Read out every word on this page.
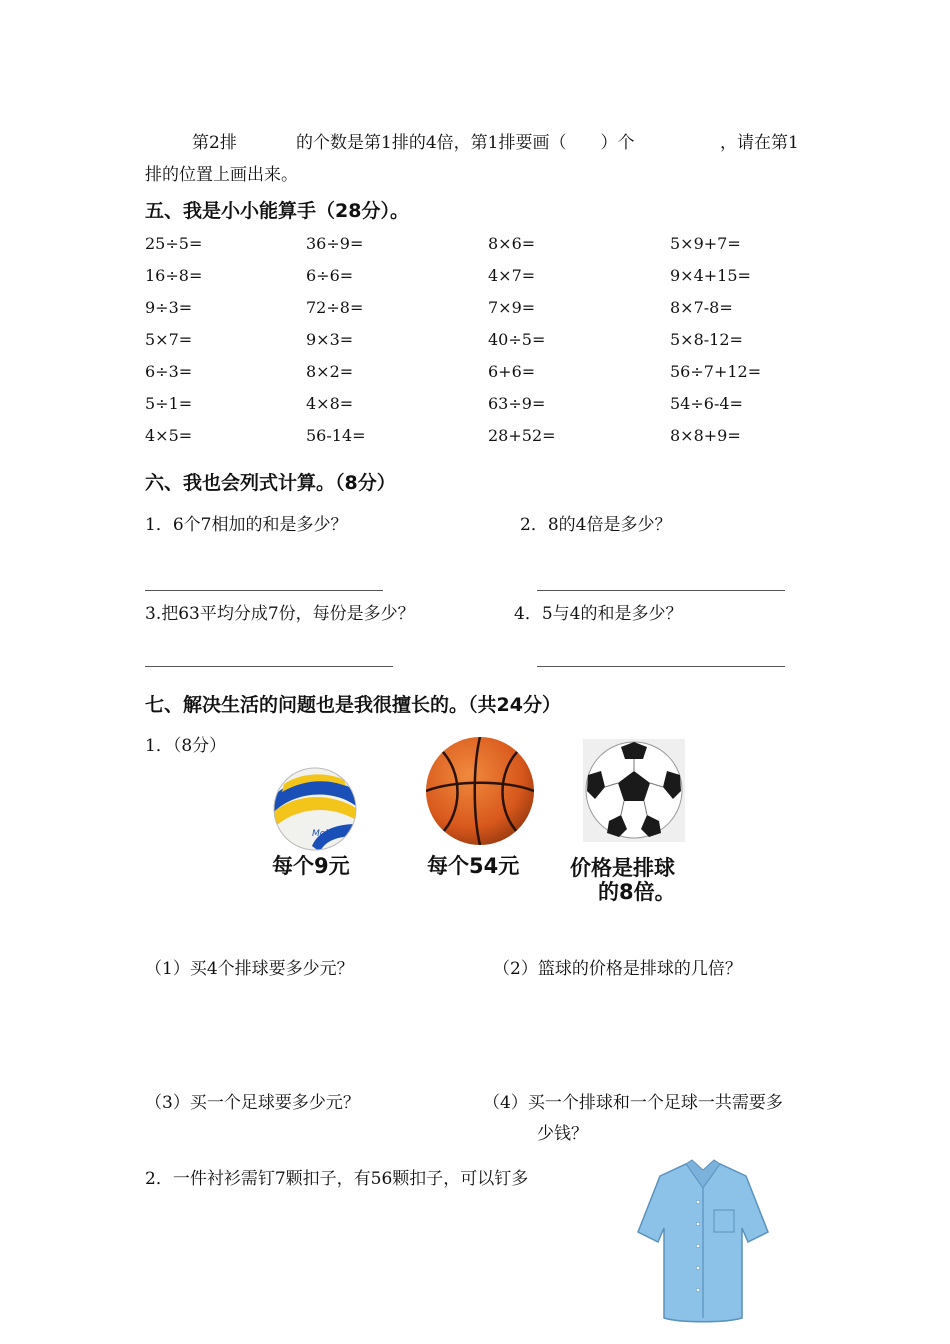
第2排	的个数是第1排的4倍，第1排要画（　　）个	，请在第1
排的位置上画出来。
五、我是小小能算手（28分）。
25÷5=	36÷9=	8×6=	5×9+7=
16÷8=	6÷6=	4×7=	9×4+15=
9÷3=	72÷8=	7×9=	8×7-8=
5×7=	9×3=	40÷5=	5×8-12=
6÷3=	8×2=	6+6=	56÷7+12=
5÷1=	4×8=	63÷9=	54÷6-4=
4×5=	56-14=	28+52=	8×8+9=
六、我也会列式计算。（8分）
1．6个7相加的和是多少？	2．8的4倍是多少？
3.把63平均分成7份，每份是多少？	4．5与4的和是多少？
七、解决生活的问题也是我很擅长的。（共24分）
1．（8分）
Molten
每个9元	每个54元 价格是排球
的8倍。
（1）买4个排球要多少元？	（2）篮球的价格是排球的几倍？
（3）买一个足球要多少元？	（4）买一个排球和一个足球一共需要多
少钱？
2．一件衬衫需钉7颗扣子，有56颗扣子，可以钉多
